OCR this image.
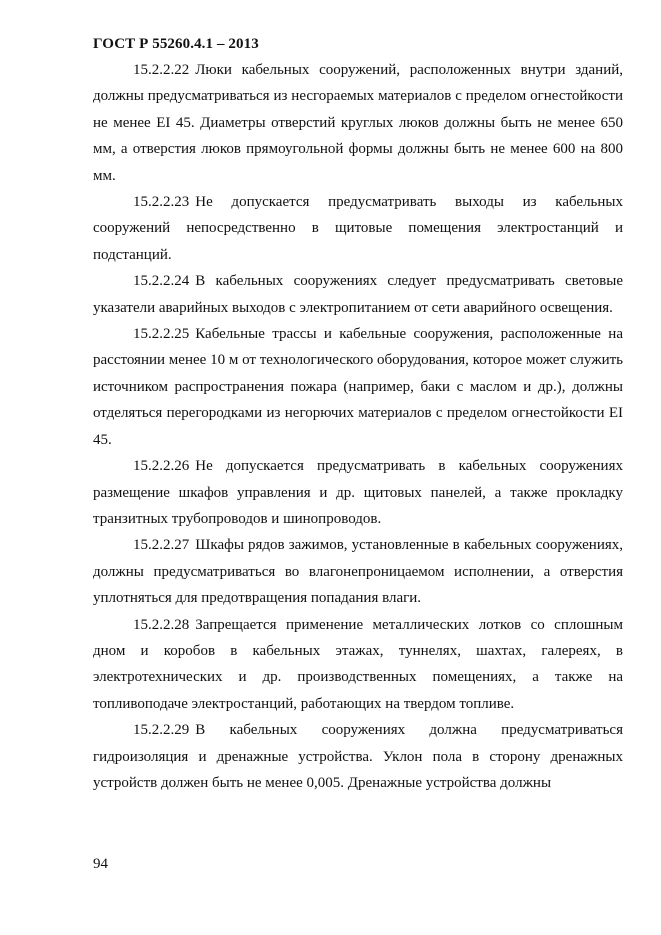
ГОСТ Р 55260.4.1 – 2013

15.2.2.22 Люки кабельных сооружений, расположенных внутри зданий, должны предусматриваться из несгораемых материалов с пределом огнестойкости не менее EI 45. Диаметры отверстий круглых люков должны быть не менее 650 мм, а отверстия люков прямоугольной формы должны быть не менее 600 на 800 мм.

15.2.2.23 Не допускается предусматривать выходы из кабельных сооружений непосредственно в щитовые помещения электростанций и подстанций.

15.2.2.24 В кабельных сооружениях следует предусматривать световые указатели аварийных выходов с электропитанием от сети аварийного освещения.

15.2.2.25 Кабельные трассы и кабельные сооружения, расположенные на расстоянии менее 10 м от технологического оборудования, которое может служить источником распространения пожара (например, баки с маслом и др.), должны отделяться перегородками из негорючих материалов с пределом огнестойкости EI 45.

15.2.2.26 Не допускается предусматривать в кабельных сооружениях размещение шкафов управления и др. щитовых панелей, а также прокладку транзитных трубопроводов и шинопроводов.

15.2.2.27 Шкафы рядов зажимов, установленные в кабельных сооружениях, должны предусматриваться во влагонепроницаемом исполнении, а отверстия уплотняться для предотвращения попадания влаги.

15.2.2.28 Запрещается применение металлических лотков со сплошным дном и коробов в кабельных этажах, туннелях, шахтах, галереях, в электротехнических и др. производственных помещениях, а также на топливоподаче электростанций, работающих на твердом топливе.

15.2.2.29 В кабельных сооружениях должна предусматриваться гидроизоляция и дренажные устройства. Уклон пола в сторону дренажных устройств должен быть не менее 0,005. Дренажные устройства должны

94
